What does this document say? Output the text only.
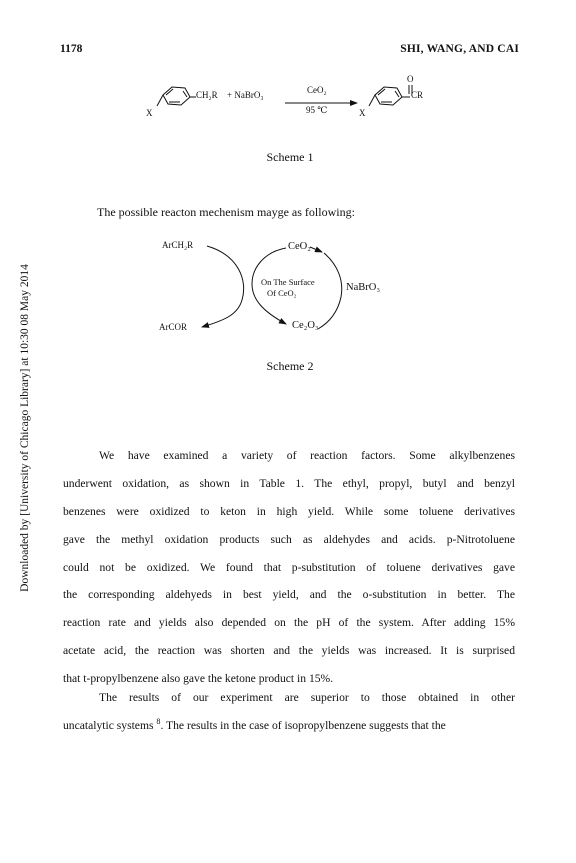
1178	SHI, WANG, AND CAI
Downloaded by [University of Chicago Library] at 10:30 08 May 2014
X
CH₂R + NaBrO₃	CeO₂
95 ℃	X
O
CR
Scheme 1
The possible reacton mechenism mayge as following:
ArCH₂R
ArCOR
CeO₂
Ce₂O₃
NaBrO₃
On The Surface
Of CeO₂
Scheme 2
We have examined a variety of reaction factors. Some alkylbenzenes
underwent oxidation, as shown in Table 1. The ethyl, propyl, butyl and benzyl
benzenes were oxidized to keton in high yield. While some toluene derivatives
gave the methyl oxidation products such as aldehydes and acids. p-Nitrotoluene
could not be oxidized. We found that p-substitution of toluene derivatives gave
the corresponding aldehyeds in best yield, and the o-substitution in better. The
reaction rate and yields also depended on the pH of the system. After adding 15%
acetate acid, the reaction was shorten and the yields was increased. It is surprised
that t-propylbenzene also gave the ketone product in 15%.
The results of our experiment are superior to those obtained in other
uncatalytic systems $^8$. The results in the case of isopropylbenzene suggests that the
